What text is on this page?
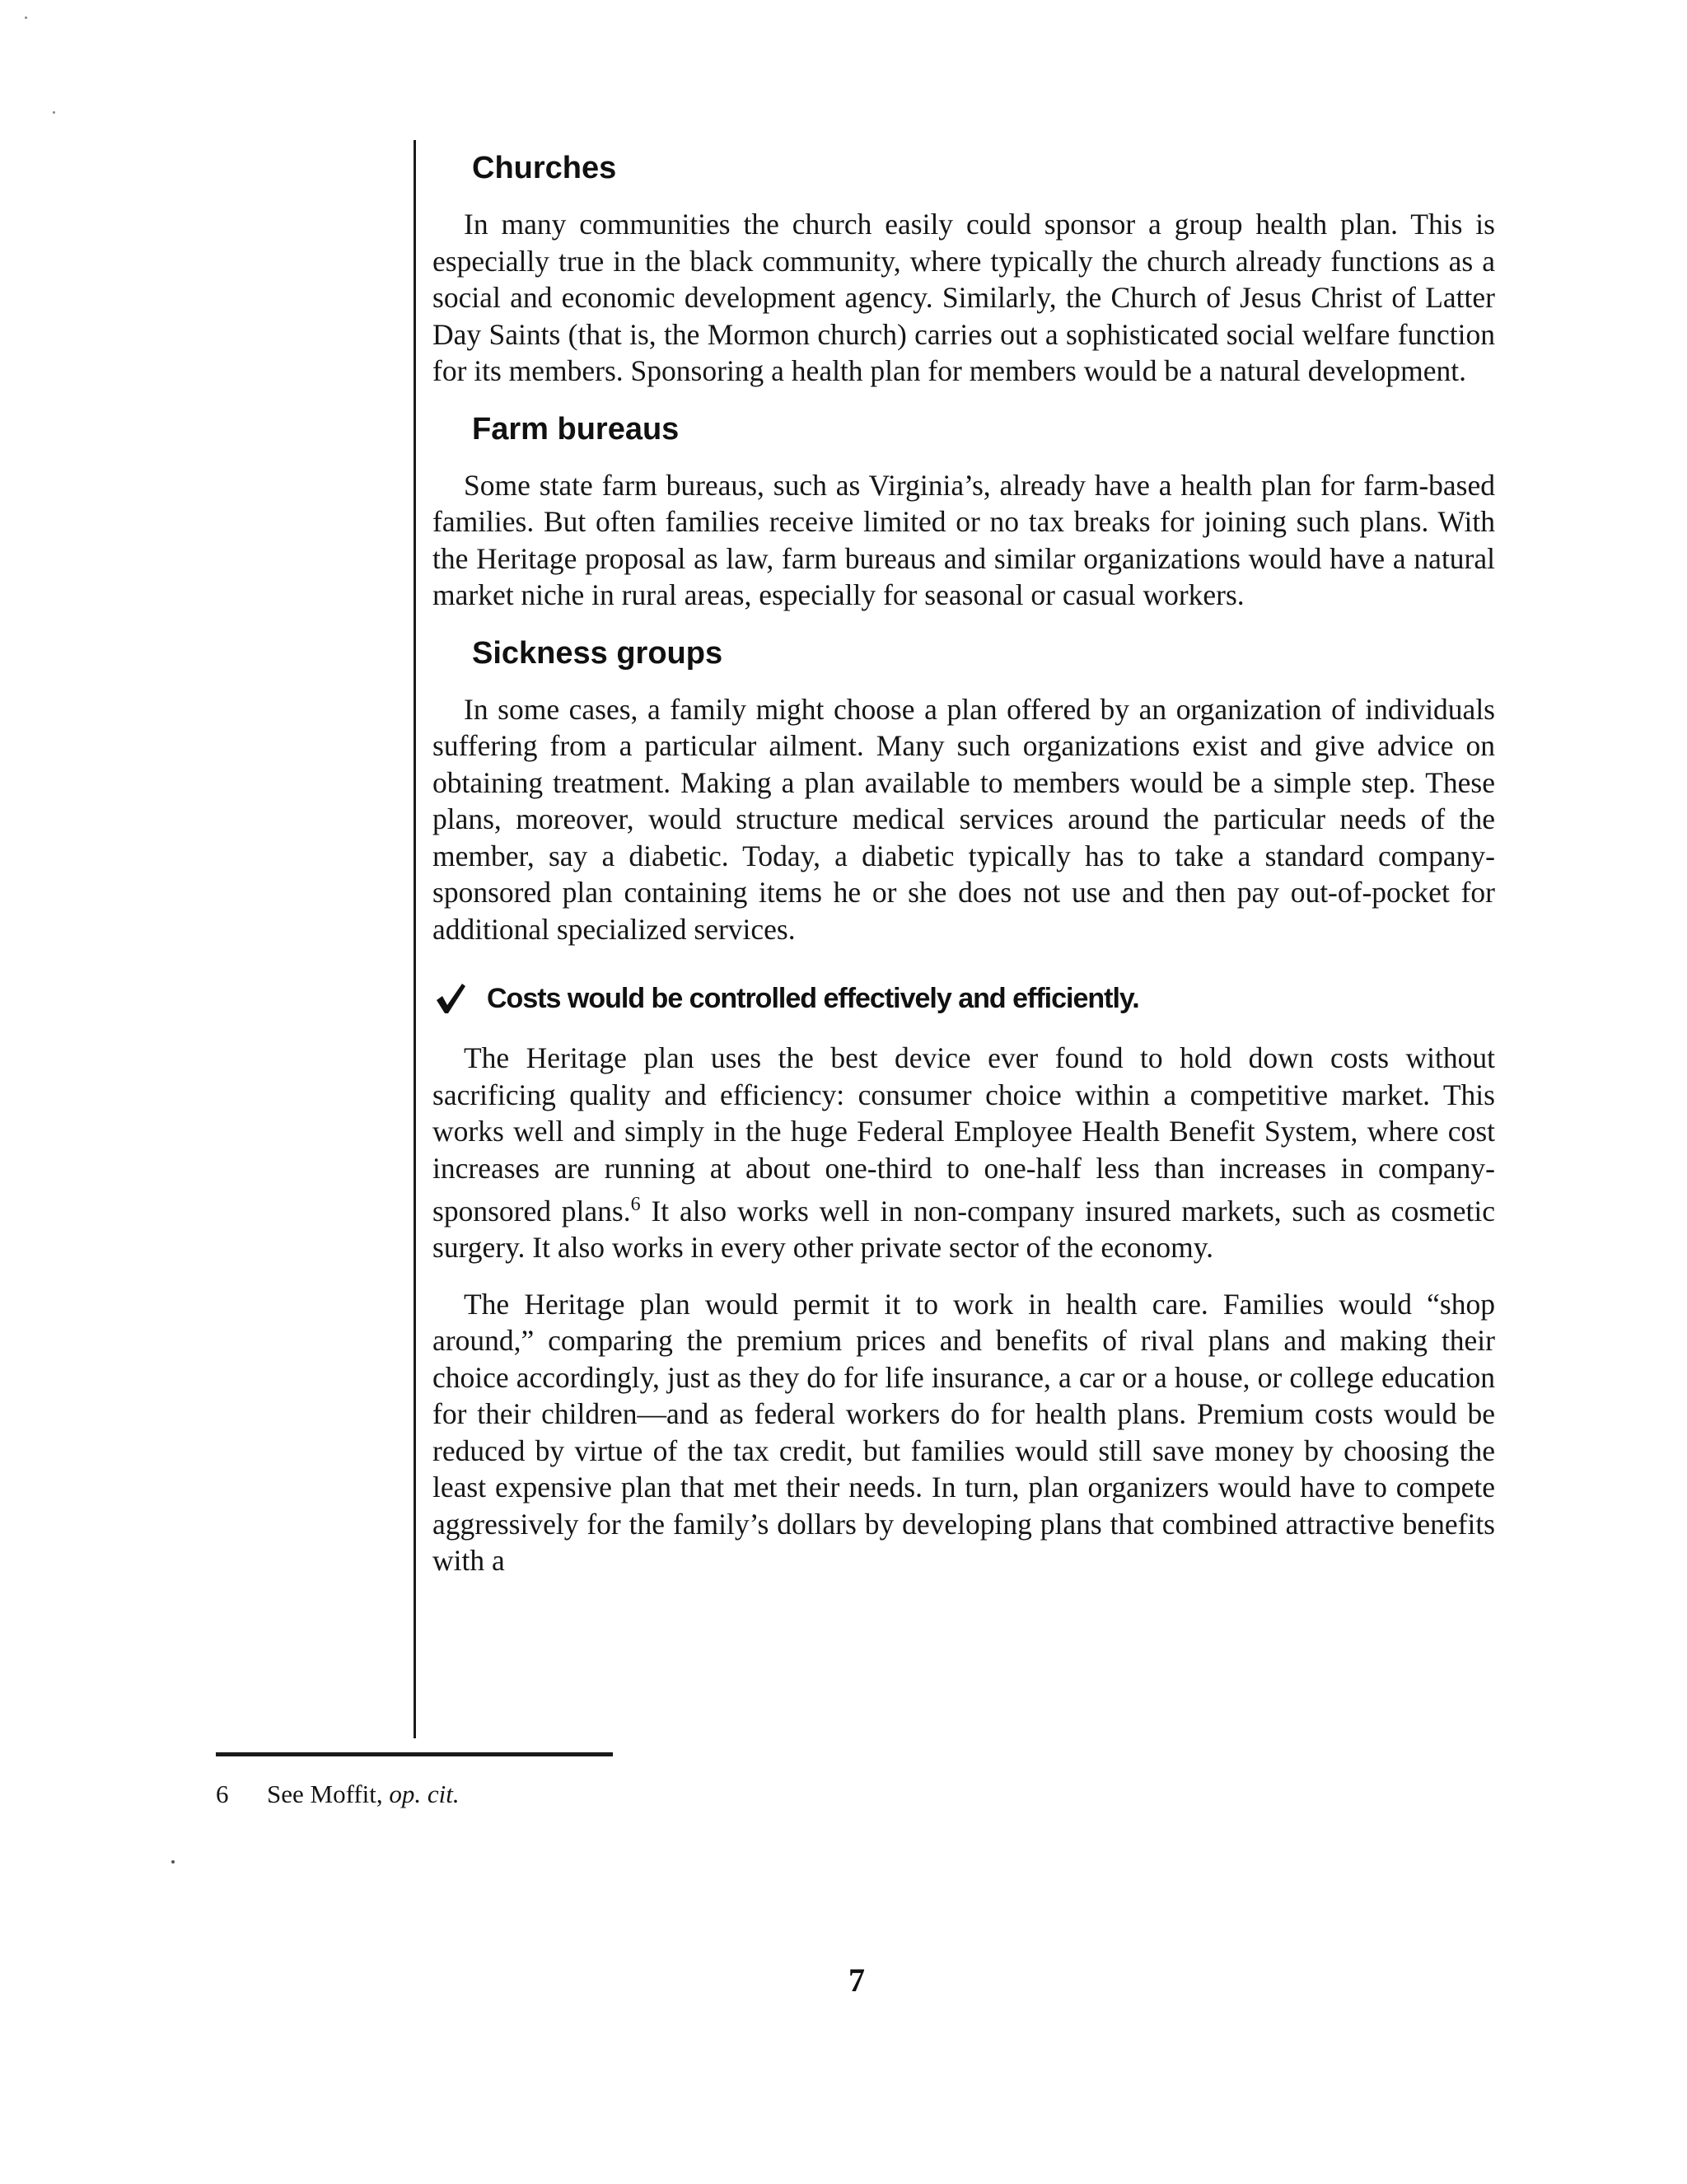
Churches

In many communities the church easily could sponsor a group health plan. This is especially true in the black community, where typically the church already functions as a social and economic development agency. Similarly, the Church of Jesus Christ of Latter Day Saints (that is, the Mormon church) carries out a sophisticated social welfare function for its members. Sponsoring a health plan for members would be a natural development.

Farm bureaus

Some state farm bureaus, such as Virginia’s, already have a health plan for farm-based families. But often families receive limited or no tax breaks for joining such plans. With the Heritage proposal as law, farm bureaus and similar organizations would have a natural market niche in rural areas, especially for seasonal or casual workers.

Sickness groups

In some cases, a family might choose a plan offered by an organization of individuals suffering from a particular ailment. Many such organizations exist and give advice on obtaining treatment. Making a plan available to members would be a simple step. These plans, moreover, would structure medical services around the particular needs of the member, say a diabetic. Today, a diabetic typically has to take a standard company-sponsored plan containing items he or she does not use and then pay out-of-pocket for additional specialized services.

Costs would be controlled effectively and efficiently.

The Heritage plan uses the best device ever found to hold down costs without sacrificing quality and efficiency: consumer choice within a competitive market. This works well and simply in the huge Federal Employee Health Benefit System, where cost increases are running at about one-third to one-half less than increases in company-sponsored plans.$^6$ It also works well in non-company insured markets, such as cosmetic surgery. It also works in every other private sector of the economy.

The Heritage plan would permit it to work in health care. Families would “shop around,” comparing the premium prices and benefits of rival plans and making their choice accordingly, just as they do for life insurance, a car or a house, or college education for their children—and as federal workers do for health plans. Premium costs would be reduced by virtue of the tax credit, but families would still save money by choosing the least expensive plan that met their needs. In turn, plan organizers would have to compete aggressively for the family’s dollars by developing plans that combined attractive benefits with a

6	See Moffit,
op. cit.
7
